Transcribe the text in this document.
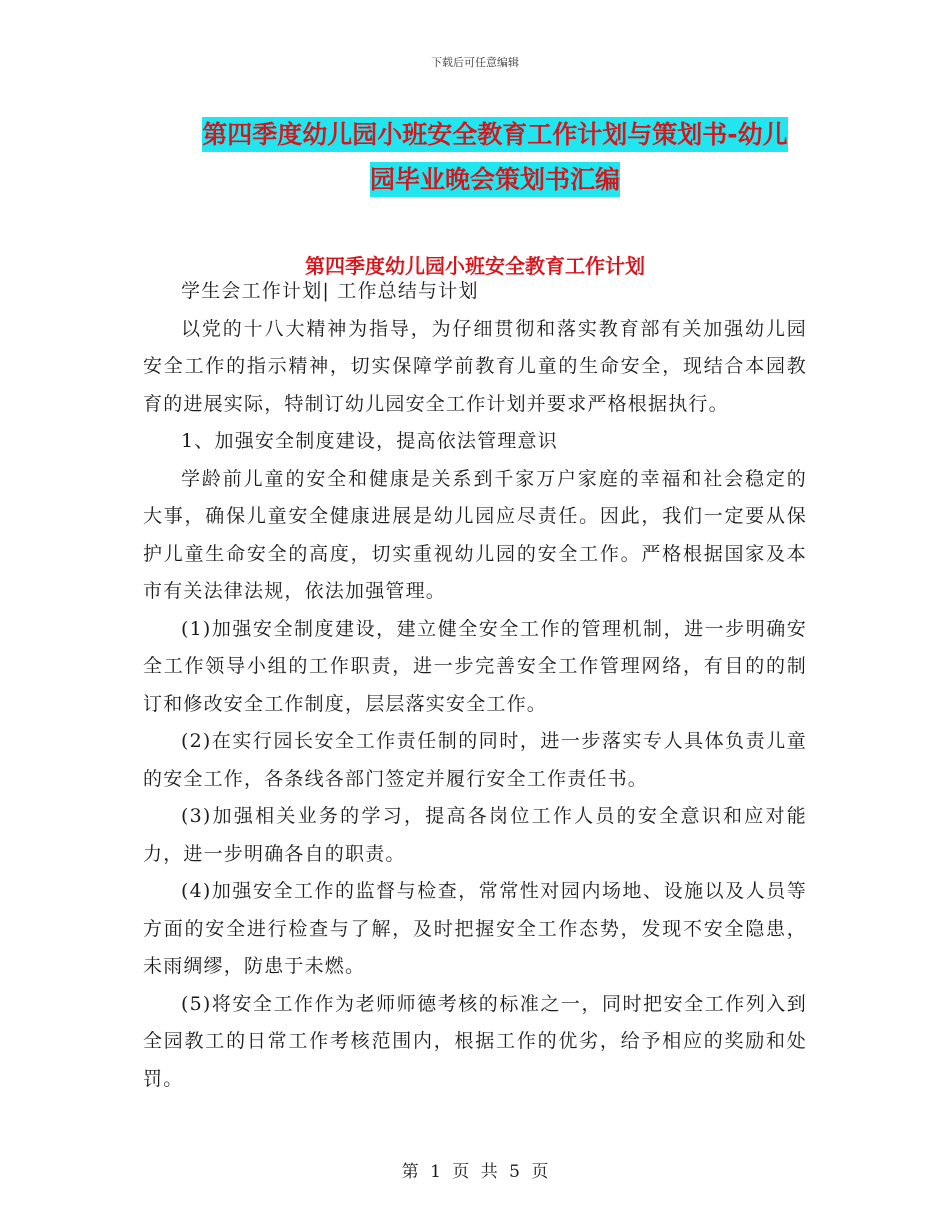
下载后可任意编辑
第四季度幼儿园小班安全教育工作计划与策划书-幼儿
园毕业晚会策划书汇编
第四季度幼儿园小班安全教育工作计划

学生会工作计划| 工作总结与计划

以党的十八大精神为指导，为仔细贯彻和落实教育部有关加强幼儿园安全工作的指示精神，切实保障学前教育儿童的生命安全，现结合本园教育的进展实际，特制订幼儿园安全工作计划并要求严格根据执行。

1、加强安全制度建设，提高依法管理意识

学龄前儿童的安全和健康是关系到千家万户家庭的幸福和社会稳定的大事，确保儿童安全健康进展是幼儿园应尽责任。因此，我们一定要从保护儿童生命安全的高度，切实重视幼儿园的安全工作。严格根据国家及本市有关法律法规，依法加强管理。

(1)加强安全制度建设，建立健全安全工作的管理机制，进一步明确安全工作领导小组的工作职责，进一步完善安全工作管理网络，有目的的制订和修改安全工作制度，层层落实安全工作。

(2)在实行园长安全工作责任制的同时，进一步落实专人具体负责儿童的安全工作，各条线各部门签定并履行安全工作责任书。

(3)加强相关业务的学习，提高各岗位工作人员的安全意识和应对能力，进一步明确各自的职责。

(4)加强安全工作的监督与检查，常常性对园内场地、设施以及人员等方面的安全进行检查与了解，及时把握安全工作态势，发现不安全隐患，未雨绸缪，防患于未燃。

(5)将安全工作作为老师师德考核的标准之一，同时把安全工作列入到全园教工的日常工作考核范围内，根据工作的优劣，给予相应的奖励和处罚。

第 1 页 共 5 页
